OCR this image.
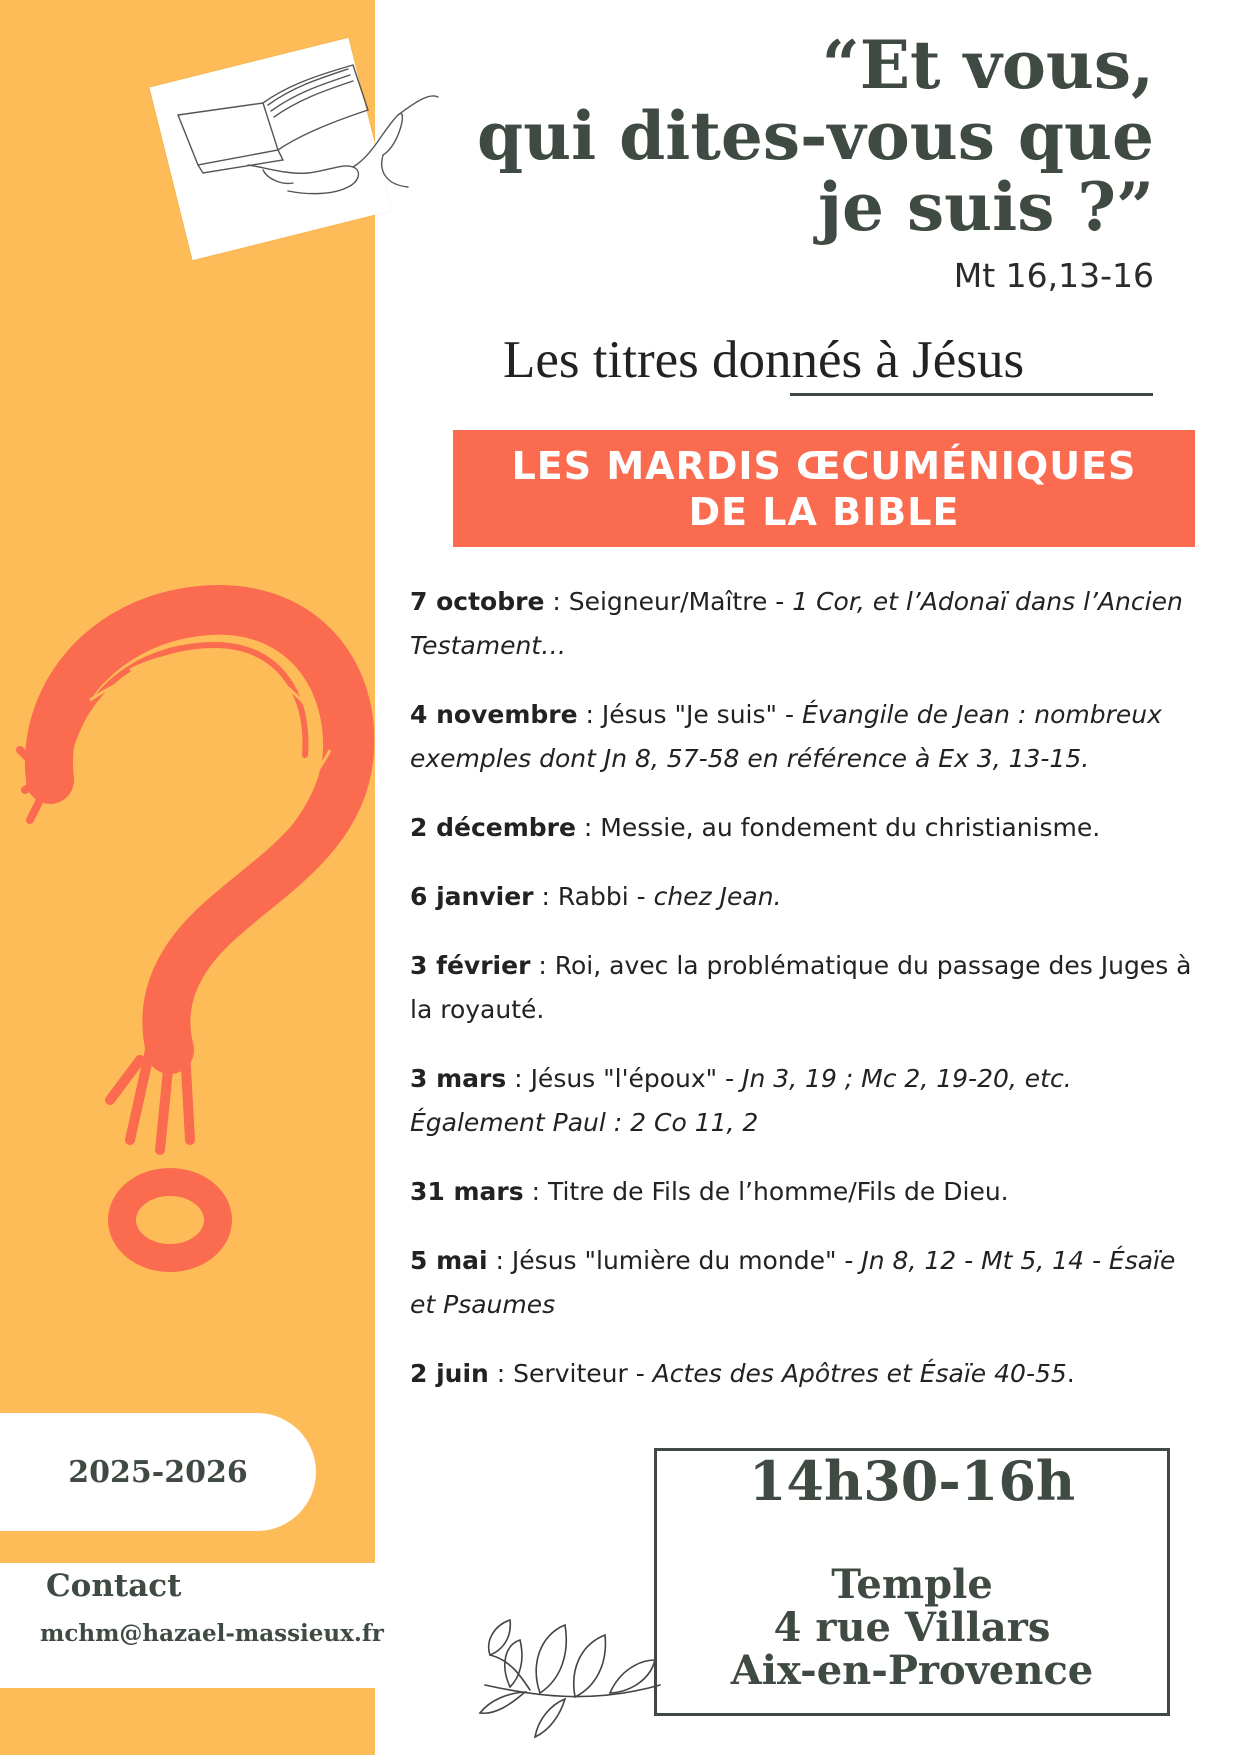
2025-2026
Contact
mchm@hazael-massieux.fr
“Et vous,
qui dites-vous que
je suis ?”
Mt 16,13-16
Les titres donnés à Jésus
LES MARDIS ŒCUMÉNIQUES
DE LA BIBLE
7 octobre : Seigneur/Maître - 1 Cor, et l’Adonaï dans l’Ancien Testament…
4 novembre : Jésus "Je suis" - Évangile de Jean : nombreux exemples dont Jn 8, 57-58 en référence à Ex 3, 13-15.
2 décembre : Messie, au fondement du christianisme.
6 janvier : Rabbi - chez Jean.
3 février : Roi, avec la problématique du passage des Juges à la royauté.
3 mars : Jésus "l'époux" - Jn 3, 19 ; Mc 2, 19-20, etc. Également Paul : 2 Co 11, 2
31 mars : Titre de Fils de l’homme/Fils de Dieu.
5 mai : Jésus "lumière du monde" - Jn 8, 12 - Mt 5, 14 - Ésaïe et Psaumes
2 juin : Serviteur - Actes des Apôtres et Ésaïe 40-55.
14h30-16h
Temple
4 rue Villars
Aix-en-Provence
